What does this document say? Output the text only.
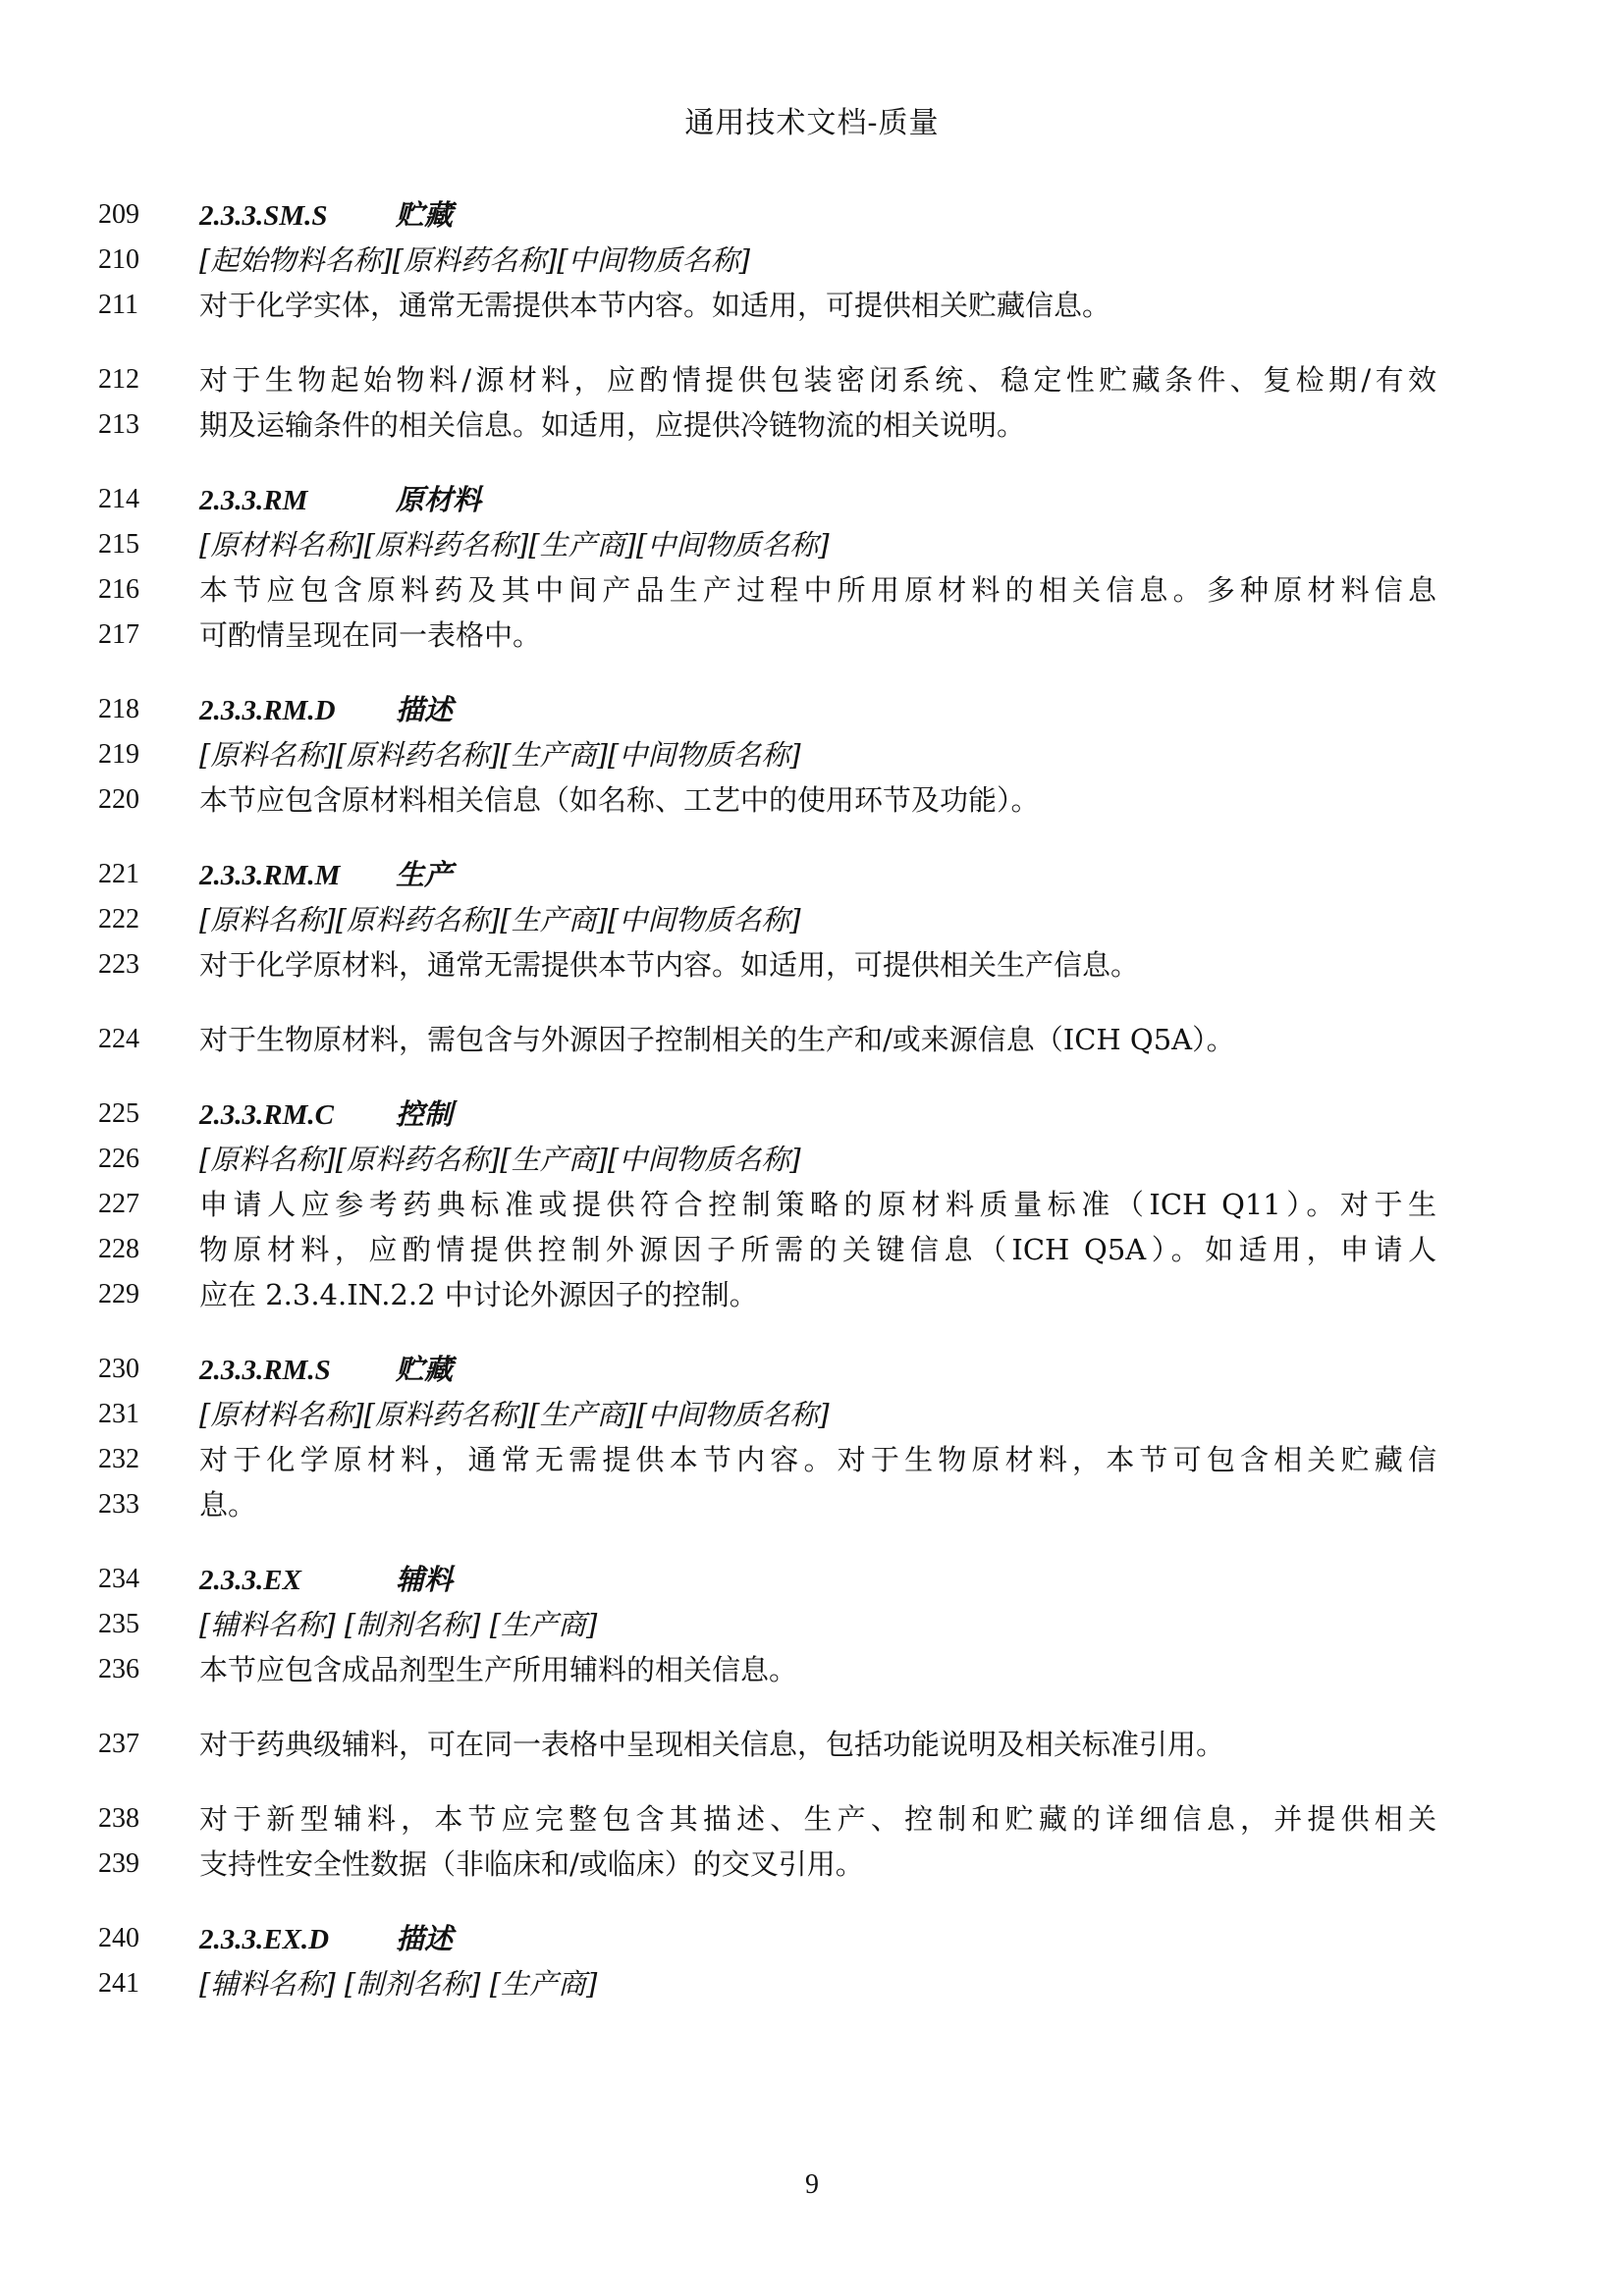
通用技术文档-质量
209	2.3.3.SM.S 贮藏
210	[起始物料名称][原料药名称][中间物质名称]
211	对于化学实体，通常无需提供本节内容。如适用，可提供相关贮藏信息。
212	对于生物起始物料/源材料，应酌情提供包装密闭系统、稳定性贮藏条件、复检期/有效
213	期及运输条件的相关信息。如适用，应提供冷链物流的相关说明。
214	2.3.3.RM	原材料
215	[原材料名称][原料药名称][生产商][中间物质名称]
216	本节应包含原料药及其中间产品生产过程中所用原材料的相关信息。多种原材料信息
217	可酌情呈现在同一表格中。
218	2.3.3.RM.D 描述
219	[原料名称][原料药名称][生产商][中间物质名称]
220	本节应包含原材料相关信息（如名称、工艺中的使用环节及功能）。
221	2.3.3.RM.M 生产
222	[原料名称][原料药名称][生产商][中间物质名称]
223	对于化学原材料，通常无需提供本节内容。如适用，可提供相关生产信息。
224	对于生物原材料，需包含与外源因子控制相关的生产和/或来源信息（ICH Q5A）。
225	2.3.3.RM.C 控制
226	[原料名称][原料药名称][生产商][中间物质名称]
227	申请人应参考药典标准或提供符合控制策略的原材料质量标准（ICH Q11）。对于生
228	物原材料，应酌情提供控制外源因子所需的关键信息（ICH Q5A）。如适用，申请人
229	应在 2.3.4.IN.2.2 中讨论外源因子的控制。
230	2.3.3.RM.S 贮藏
231	[原材料名称][原料药名称][生产商][中间物质名称]
232	对于化学原材料，通常无需提供本节内容。对于生物原材料，本节可包含相关贮藏信
233	息。
234	2.3.3.EX	辅料
235	[辅料名称] [制剂名称] [生产商]
236	本节应包含成品剂型生产所用辅料的相关信息。
237	对于药典级辅料，可在同一表格中呈现相关信息，包括功能说明及相关标准引用。
238	对于新型辅料，本节应完整包含其描述、生产、控制和贮藏的详细信息，并提供相关
239	支持性安全性数据（非临床和/或临床）的交叉引用。
240	2.3.3.EX.D 描述
241	[辅料名称] [制剂名称] [生产商]
9
